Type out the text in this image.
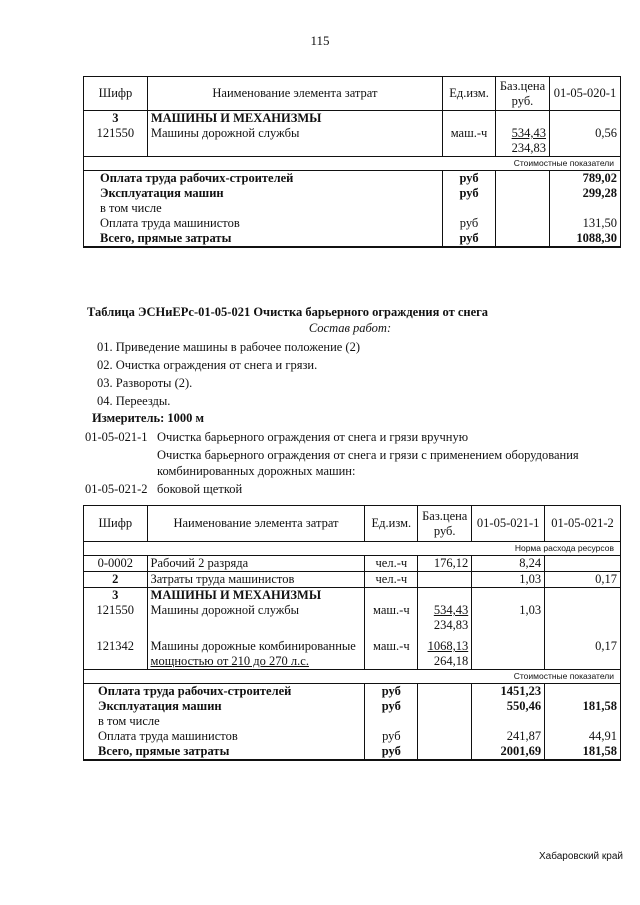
115
Шифр	Наименование элемента затрат	Ед.изм.	Баз.цена
руб.	01-05-020-1
3	МАШИНЫ И МЕХАНИЗМЫ			
121550	Машины дорожной службы	маш.-ч	534,43
234,83	0,56
Стоимостные показатели				
Оплата труда рабочих-строителей		руб		789,02
Эксплуатация машин		руб		299,28
в том числе				
Оплата труда машинистов		руб		131,50
Всего, прямые затраты		руб		1088,30
Таблица ЭСНиЕРс-01-05-021 Очистка барьерного ограждения от снега
Состав работ:
01. Приведение машины в рабочее положение (2)
02. Очистка ограждения от снега и грязи.
03. Развороты (2).
04. Переезды.
Измеритель: 1000 м
01-05-021-1 Очистка барьерного ограждения от снега и грязи вручную
Очистка барьерного ограждения от снега и грязи с применением оборудования
комбинированных дорожных машин:
01-05-021-2 боковой щеткой
Шифр	Наименование элемента затрат	Ед.изм.	Баз.цена
руб.	01-05-021-1	01-05-021-2
Норма расхода ресурсов					
0-0002	Рабочий 2 разряда	чел.-ч	176,12	8,24	
2	Затраты труда машинистов	чел.-ч		1,03	0,17
3	МАШИНЫ И МЕХАНИЗМЫ				
121550	Машины дорожной службы	маш.-ч	534,43
234,83	1,03	
121342	Машины дорожные комбинированные
мощностью от 210 до 270 л.с.	маш.-ч	1068,13
264,18		0,17
Стоимостные показатели					
Оплата труда рабочих-строителей		руб		1451,23	
Эксплуатация машин		руб		550,46	181,58
в том числе					
Оплата труда машинистов		руб		241,87	44,91
Всего, прямые затраты		руб		2001,69	181,58
Хабаровский край
